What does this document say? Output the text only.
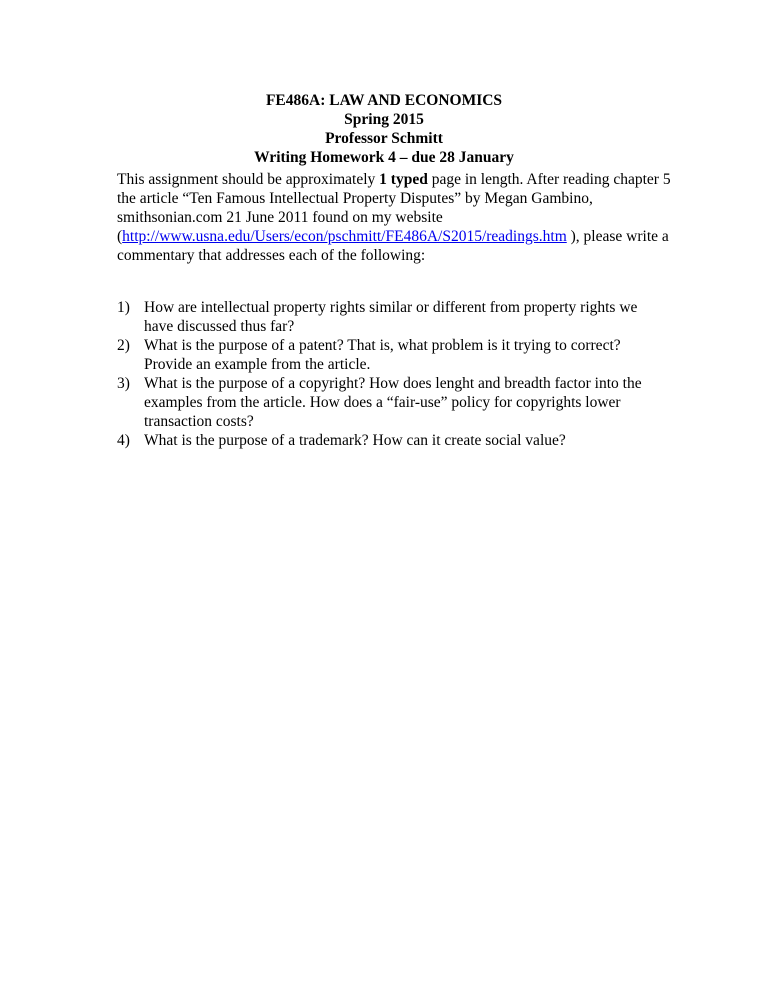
FE486A: LAW AND ECONOMICS
Spring 2015
Professor Schmitt
Writing Homework 4 – due 28 January
This assignment should be approximately 1 typed page in length. After reading chapter 5
the article “Ten Famous Intellectual Property Disputes” by Megan Gambino,
smithsonian.com 21 June 2011 found on my website
(http://www.usna.edu/Users/econ/pschmitt/FE486A/S2015/readings.htm ), please write a
commentary that addresses each of the following:
1) How are intellectual property rights similar or different from property rights we
have discussed thus far?
2) What is the purpose of a patent? That is, what problem is it trying to correct?
Provide an example from the article.
3) What is the purpose of a copyright? How does lenght and breadth factor into the
examples from the article. How does a “fair-use” policy for copyrights lower
transaction costs?
4) What is the purpose of a trademark? How can it create social value?
